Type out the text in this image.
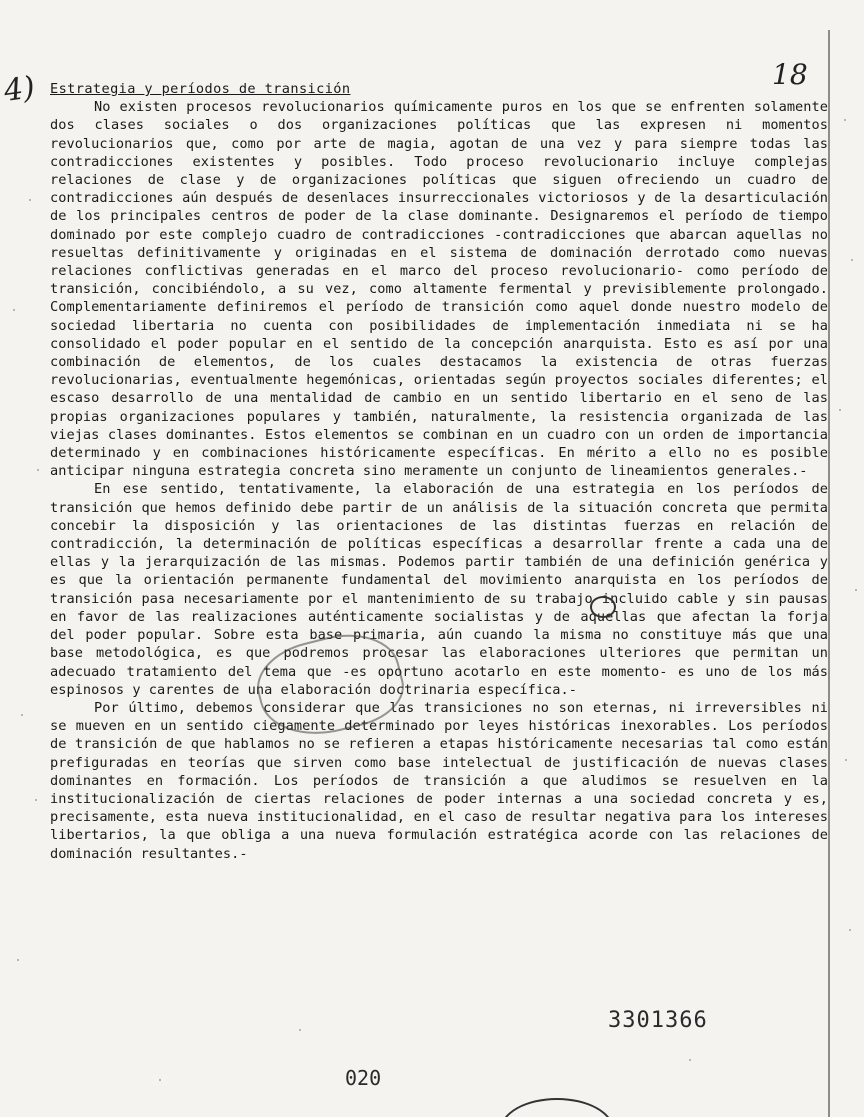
4)	18
Estrategia y períodos de transición

No existen procesos revolucionarios químicamente puros en los que se enfrenten solamente dos clases sociales o dos organizaciones políticas que las expresen ni momentos revolucionarios que, como por arte de magia, agotan de una vez y para siempre todas las contradicciones existentes y posibles. Todo proceso revolucionario incluye complejas relaciones de clase y de organizaciones políticas que siguen ofreciendo un cuadro de contradicciones aún después de desenlaces insurreccionales victoriosos y de la desarticulación de los principales centros de poder de la clase dominante. Designaremos el período de tiempo dominado por este complejo cuadro de contradicciones -contradicciones que abarcan aquellas no resueltas definitivamente y originadas en el sistema de dominación derrotado como nuevas relaciones conflictivas generadas en el marco del proceso revolucionario- como período de transición, concibiéndolo, a su vez, como altamente fermental y previsiblemente prolongado. Complementariamente definiremos el período de transición como aquel donde nuestro modelo de sociedad libertaria no cuenta con posibilidades de implementación inmediata ni se ha consolidado el poder popular en el sentido de la concepción anarquista. Esto es así por una combinación de elementos, de los cuales destacamos la existencia de otras fuerzas revolucionarias, eventualmente hegemónicas, orientadas según proyectos sociales diferentes; el escaso desarrollo de una mentalidad de cambio en un sentido libertario en el seno de las propias organizaciones populares y también, naturalmente, la resistencia organizada de las viejas clases dominantes. Estos elementos se combinan en un cuadro con un orden de importancia determinado y en combinaciones históricamente específicas. En mérito a ello no es posible anticipar ninguna estrategia concreta sino meramente un conjunto de lineamientos generales.-

En ese sentido, tentativamente, la elaboración de una estrategia en los períodos de transición que hemos definido debe partir de un análisis de la situación concreta que permita concebir la disposición y las orientaciones de las distintas fuerzas en relación de contradicción, la determinación de políticas específicas a desarrollar frente a cada una de ellas y la jerarquización de las mismas. Podemos partir también de una definición genérica y es que la orientación permanente fundamental del movimiento anarquista en los períodos de transición pasa necesariamente por el mantenimiento de su trabajo incluido cable y sin pausas en favor de las realizaciones auténticamente socialistas y de aquellas que afectan la forja del poder popular. Sobre esta base primaria, aún cuando la misma no constituye más que una base metodológica, es que podremos procesar las elaboraciones ulteriores que permitan un adecuado tratamiento del tema que -es oportuno acotarlo en este momento- es uno de los más espinosos y carentes de una elaboración doctrinaria específica.-

Por último, debemos considerar que las transiciones no son eternas, ni irreversibles ni se mueven en un sentido ciegamente determinado por leyes históricas inexorables. Los períodos de transición de que hablamos no se refieren a etapas históricamente necesarias tal como están prefiguradas en teorías que sirven como base intelectual de justificación de nuevas clases dominantes en formación. Los períodos de transición a que aludimos se resuelven en la institucionalización de ciertas relaciones de poder internas a una sociedad concreta y es, precisamente, esta nueva institucionalidad, en el caso de resultar negativa para los intereses libertarios, la que obliga a una nueva formulación estratégica acorde con las relaciones de dominación resultantes.-

3301366
020
